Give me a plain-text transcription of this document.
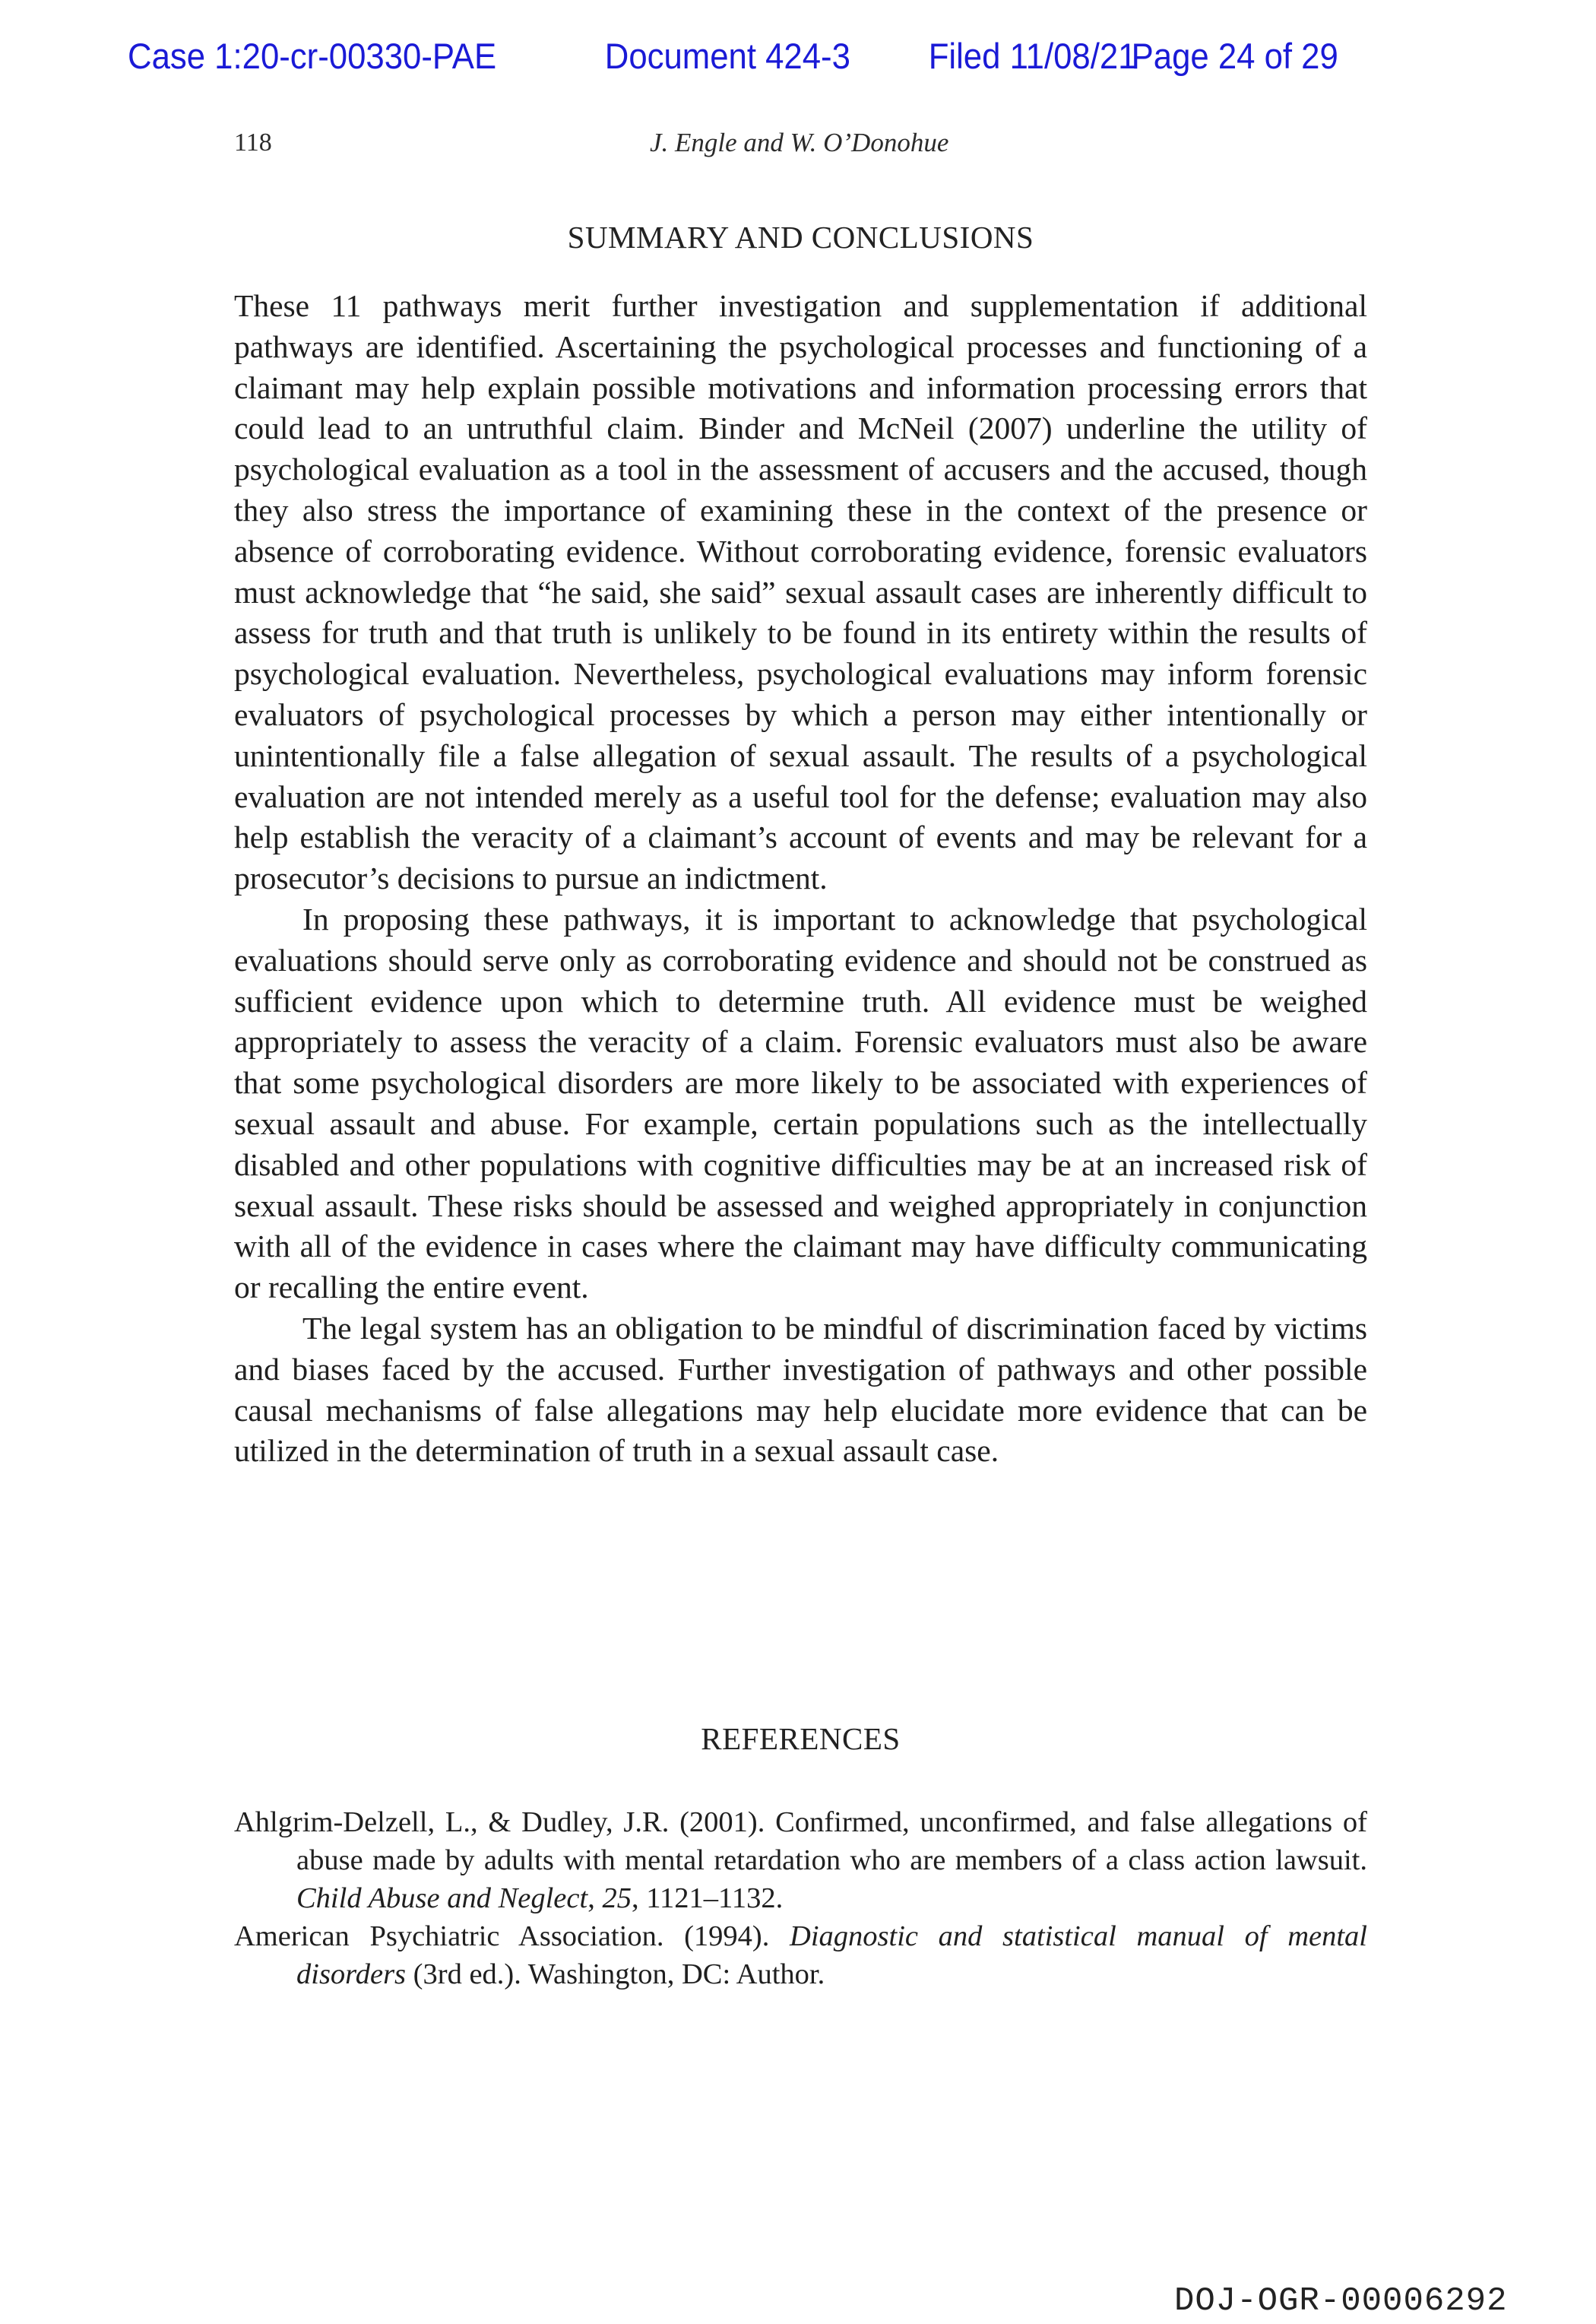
Case 1:20-cr-00330-PAE	Document 424-3 Filed 11/08/21
Page 24 of 29
118	J. Engle and W. O’Donohue
SUMMARY AND CONCLUSIONS

These 11 pathways merit further investigation and supplementation if additional pathways are identified. Ascertaining the psychological processes and functioning of a claimant may help explain possible motivations and information processing errors that could lead to an untruthful claim. Binder and McNeil (2007) underline the utility of psychological evaluation as a tool in the assessment of accusers and the accused, though they also stress the importance of examining these in the context of the presence or absence of corroborating evidence. Without corroborating evidence, forensic evaluators must acknowledge that “he said, she said” sexual assault cases are inherently difficult to assess for truth and that truth is unlikely to be found in its entirety within the results of psychological evaluation. Nevertheless, psychological evaluations may inform forensic evaluators of psychological processes by which a person may either intentionally or unintentionally file a false allegation of sexual assault. The results of a psychological evaluation are not intended merely as a useful tool for the defense; evaluation may also help establish the veracity of a claimant’s account of events and may be relevant for a prosecutor’s decisions to pursue an indictment.

In proposing these pathways, it is important to acknowledge that psychological evaluations should serve only as corroborating evidence and should not be construed as sufficient evidence upon which to determine truth. All evidence must be weighed appropriately to assess the veracity of a claim. Forensic evaluators must also be aware that some psychological disorders are more likely to be associated with experiences of sexual assault and abuse. For example, certain populations such as the intellectually disabled and other populations with cognitive difficulties may be at an increased risk of sexual assault. These risks should be assessed and weighed appropriately in conjunction with all of the evidence in cases where the claimant may have difficulty communicating or recalling the entire event.

The legal system has an obligation to be mindful of discrimination faced by victims and biases faced by the accused. Further investigation of pathways and other possible causal mechanisms of false allegations may help elucidate more evidence that can be utilized in the determination of truth in a sexual assault case.

REFERENCES

Ahlgrim-Delzell, L., & Dudley, J.R. (2001). Confirmed, unconfirmed, and false allegations of abuse made by adults with mental retardation who are members of a class action lawsuit. Child Abuse and Neglect, 25, 1121–1132.

American Psychiatric Association. (1994). Diagnostic and statistical manual of mental disorders (3rd ed.). Washington, DC: Author.

DOJ-OGR-00006292
